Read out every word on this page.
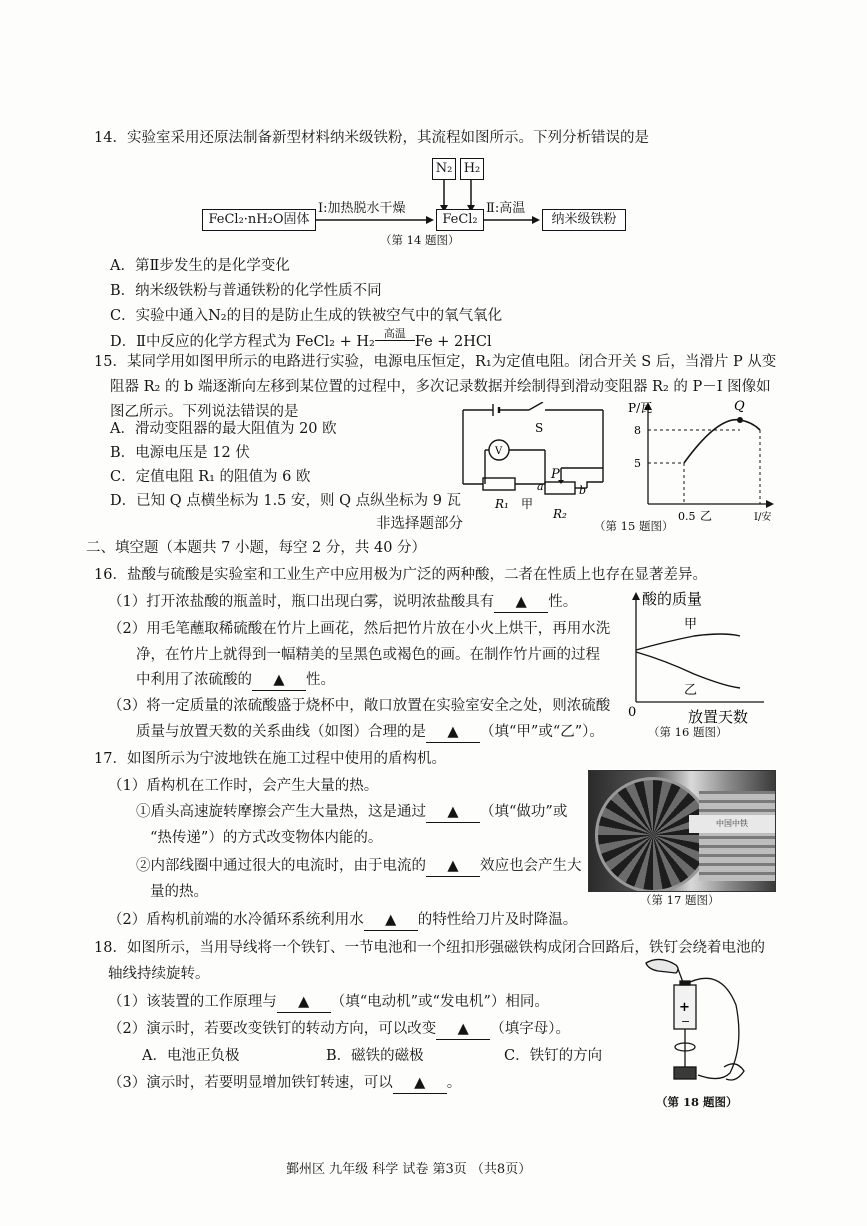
14．实验室采用还原法制备新型材料纳米级铁粉，其流程如图所示。下列分析错误的是
N₂ H₂
FeCl₂·nH₂O固体
Ⅰ:加热脱水干燥
FeCl₂
Ⅱ:高温
纳米级铁粉
（第 14 题图）
A．第Ⅱ步发生的是化学变化
B．纳米级铁粉与普通铁粉的化学性质不同
C．实验中通入N₂的目的是防止生成的铁被空气中的氧气氧化
D．Ⅱ中反应的化学方程式为 FeCl₂ + H₂
高温
Fe + 2HCl
15．某同学用如图甲所示的电路进行实验，电源电压恒定，R₁为定值电阻。闭合开关 S 后，当滑片 P 从变
阻器 R₂ 的 b 端逐渐向左移到某位置的过程中，多次记录数据并绘制得到滑动变阻器 R₂ 的 P－I 图像如
图乙所示。下列说法错误的是
A．滑动变阻器的最大阻值为 20 欧
B．电源电压是 12 伏
C．定值电阻 R₁ 的阻值为 6 欧
D．已知 Q 点横坐标为 1.5 安，则 Q 点纵坐标为 9 瓦
S
V
P
a	b
R₁ 甲
R₂
P/瓦	Q
8
5
0.5 乙	I/安
非选择题部分	（第 15 题图）
二、填空题（本题共 7 小题，每空 2 分，共 40 分）
16．盐酸与硫酸是实验室和工业生产中应用极为广泛的两种酸，二者在性质上也存在显著差异。
（1）打开浓盐酸的瓶盖时，瓶口出现白雾，说明浓盐酸具有 ▲ 性。
（2）用毛笔蘸取稀硫酸在竹片上画花，然后把竹片放在小火上烘干，再用水洗
净，在竹片上就得到一幅精美的呈黑色或褐色的画。在制作竹片画的过程
中利用了浓硫酸的 ▲ 性。
（3）将一定质量的浓硫酸盛于烧杯中，敞口放置在实验室安全之处，则浓硫酸
质量与放置天数的关系曲线（如图）合理的是 ▲ （填“甲”或“乙”）。
酸的质量
甲
乙
0	放置天数
（第 16 题图）
17．如图所示为宁波地铁在施工过程中使用的盾构机。
（1）盾构机在工作时，会产生大量的热。
①盾头高速旋转摩擦会产生大量热，这是通过 ▲ （填“做功”或
“热传递”）的方式改变物体内能的。
②内部线圈中通过很大的电流时，由于电流的 ▲ 效应也会产生大
量的热。
（2）盾构机前端的水冷循环系统利用水 ▲ 的特性给刀片及时降温。
中国中铁
（第 17 题图）
18．如图所示，当用导线将一个铁钉、一节电池和一个纽扣形强磁铁构成闭合回路后，铁钉会绕着电池的
轴线持续旋转。
（1）该装置的工作原理与 ▲ （填“电动机”或“发电机”）相同。
（2）演示时，若要改变铁钉的转动方向，可以改变 ▲ （填字母）。
A．电池正负极	B．磁铁的磁极	C．铁钉的方向
（3）演示时，若要明显增加铁钉转速，可以 ▲ 。
+
−
（第 18 题图）
鄞州区 九年级 科学 试卷 第3页 （共8页）
